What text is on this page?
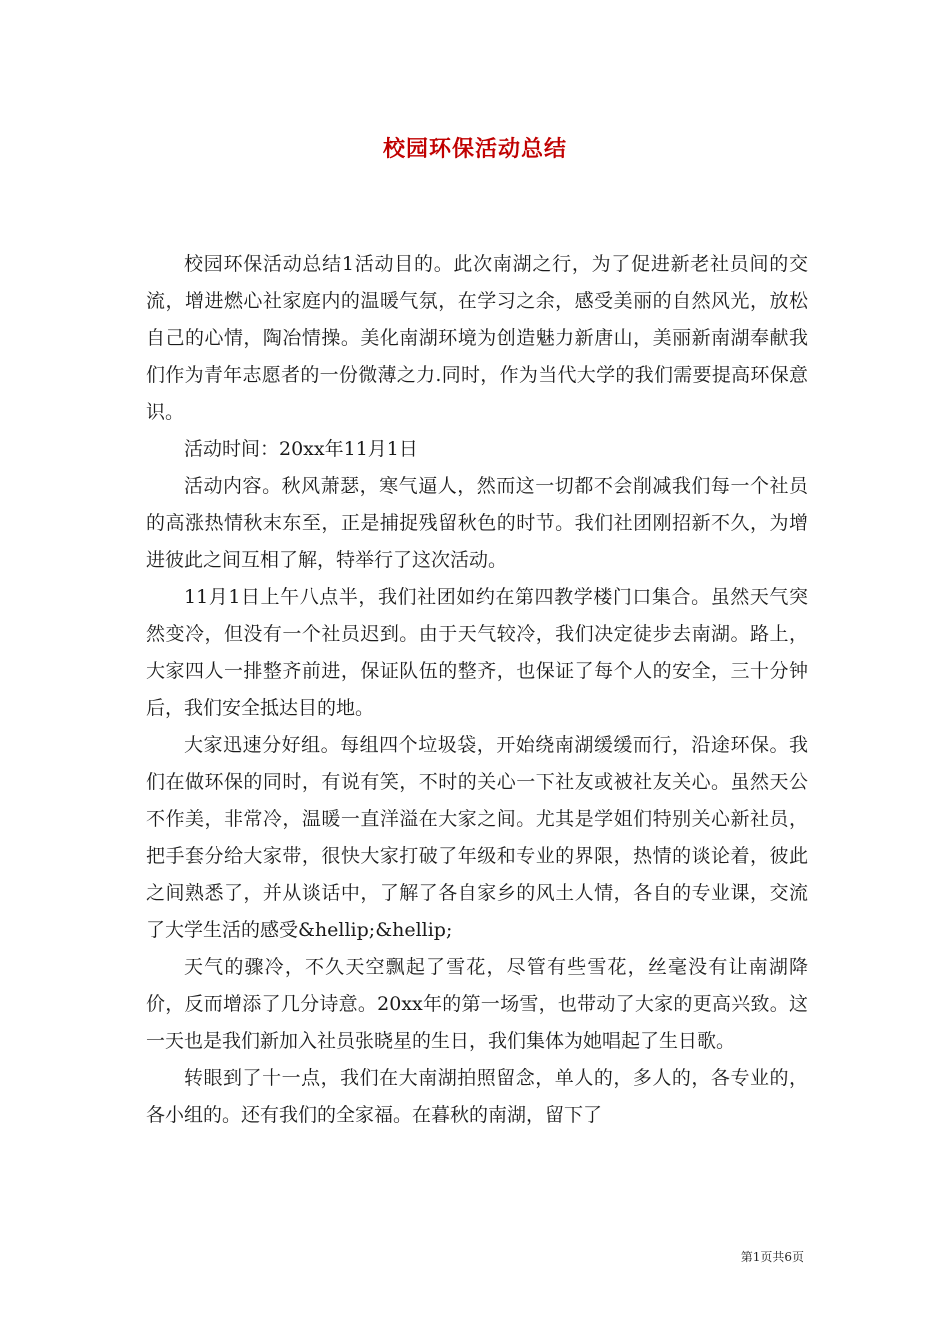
校园环保活动总结

校园环保活动总结1活动目的。此次南湖之行，为了促进新老社员间的交流，增进燃心社家庭内的温暖气氛，在学习之余，感受美丽的自然风光，放松自己的心情，陶冶情操。美化南湖环境为创造魅力新唐山，美丽新南湖奉献我们作为青年志愿者的一份微薄之力.同时，作为当代大学的我们需要提高环保意识。

活动时间：20xx年11月1日

活动内容。秋风萧瑟，寒气逼人，然而这一切都不会削减我们每一个社员的高涨热情秋末东至，正是捕捉残留秋色的时节。我们社团刚招新不久，为增进彼此之间互相了解，特举行了这次活动。

11月1日上午八点半，我们社团如约在第四教学楼门口集合。虽然天气突然变冷，但没有一个社员迟到。由于天气较冷，我们决定徒步去南湖。路上，大家四人一排整齐前进，保证队伍的整齐，也保证了每个人的安全，三十分钟后，我们安全抵达目的地。

大家迅速分好组。每组四个垃圾袋，开始绕南湖缓缓而行，沿途环保。我们在做环保的同时，有说有笑，不时的关心一下社友或被社友关心。虽然天公不作美，非常冷，温暖一直洋溢在大家之间。尤其是学姐们特别关心新社员，把手套分给大家带，很快大家打破了年级和专业的界限，热情的谈论着，彼此之间熟悉了，并从谈话中，了解了各自家乡的风土人情，各自的专业课，交流了大学生活的感受&hellip;&hellip;

天气的骤冷，不久天空飘起了雪花，尽管有些雪花，丝毫没有让南湖降价，反而增添了几分诗意。20xx年的第一场雪，也带动了大家的更高兴致。这一天也是我们新加入社员张晓星的生日，我们集体为她唱起了生日歌。

转眼到了十一点，我们在大南湖拍照留念，单人的，多人的，各专业的，各小组的。还有我们的全家福。在暮秋的南湖，留下了

第1页共6页
